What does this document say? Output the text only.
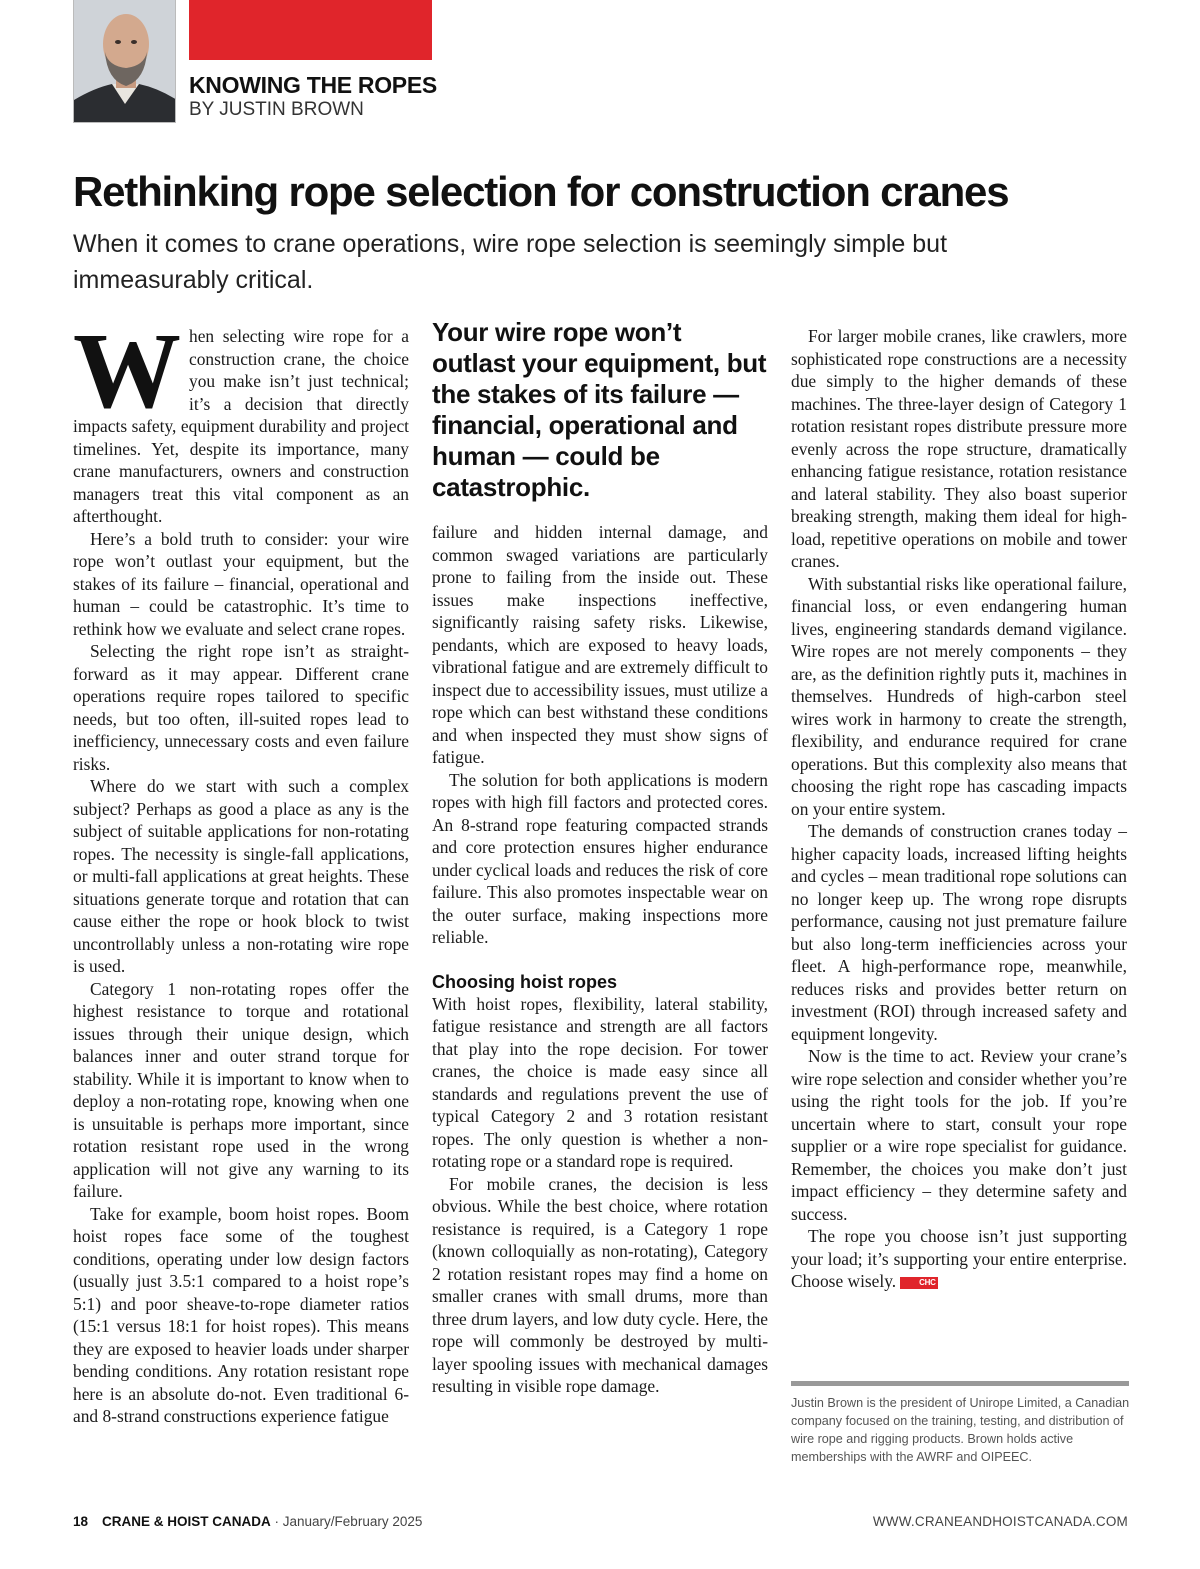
KNOWING THE ROPES
BY JUSTIN BROWN
Rethinking rope selection for construction cranes
When it comes to crane operations, wire rope selection is seemingly simple but immeasurably critical.

When selecting wire rope for a construction crane, the choice you make isn’t just technical; it’s a decision that directly impacts safety, equipment durability and project timelines. Yet, despite its importance, many crane manufacturers, owners and construction managers treat this vital component as an afterthought.

Here’s a bold truth to consider: your wire rope won’t outlast your equipment, but the stakes of its failure – financial, operational and human – could be catastrophic. It’s time to rethink how we evaluate and select crane ropes.

Selecting the right rope isn’t as straight-forward as it may appear. Different crane operations require ropes tailored to specific needs, but too often, ill-suited ropes lead to inefficiency, unnecessary costs and even failure risks.

Where do we start with such a complex subject? Perhaps as good a place as any is the subject of suitable applications for non-rotating ropes. The necessity is single-fall applications, or multi-fall applications at great heights. These situations generate torque and rotation that can cause either the rope or hook block to twist uncontrollably unless a non-rotating wire rope is used.

Category 1 non-rotating ropes offer the highest resistance to torque and rotational issues through their unique design, which balances inner and outer strand torque for stability. While it is important to know when to deploy a non-rotating rope, knowing when one is unsuitable is perhaps more important, since rotation resistant rope used in the wrong application will not give any warning to its failure.

Take for example, boom hoist ropes. Boom hoist ropes face some of the toughest conditions, operating under low design factors (usually just 3.5:1 compared to a hoist rope’s 5:1) and poor sheave-to-rope diameter ratios (15:1 versus 18:1 for hoist ropes). This means they are exposed to heavier loads under sharper bending conditions. Any rotation resistant rope here is an absolute do-not. Even traditional 6- and 8-strand constructions experience fatigue

Your wire rope won’t outlast your equipment, but the stakes of its failure — financial, operational and human — could be catastrophic.

failure and hidden internal damage, and common swaged variations are particularly prone to failing from the inside out. These issues make inspections ineffective, significantly raising safety risks. Likewise, pendants, which are exposed to heavy loads, vibrational fatigue and are extremely difficult to inspect due to accessibility issues, must utilize a rope which can best withstand these conditions and when inspected they must show signs of fatigue.

The solution for both applications is modern ropes with high fill factors and protected cores. An 8-strand rope featuring compacted strands and core protection ensures higher endurance under cyclical loads and reduces the risk of core failure. This also promotes inspectable wear on the outer surface, making inspections more reliable.

Choosing hoist ropes

With hoist ropes, flexibility, lateral stability, fatigue resistance and strength are all factors that play into the rope decision. For tower cranes, the choice is made easy since all standards and regulations prevent the use of typical Category 2 and 3 rotation resistant ropes. The only question is whether a non-rotating rope or a standard rope is required.

For mobile cranes, the decision is less obvious. While the best choice, where rotation resistance is required, is a Category 1 rope (known colloquially as non-rotating), Category 2 rotation resistant ropes may find a home on smaller cranes with small drums, more than three drum layers, and low duty cycle. Here, the rope will commonly be destroyed by multi-layer spooling issues with mechanical damages resulting in visible rope damage.

For larger mobile cranes, like crawlers, more sophisticated rope constructions are a necessity due simply to the higher demands of these machines. The three-layer design of Category 1 rotation resistant ropes distribute pressure more evenly across the rope structure, dramatically enhancing fatigue resistance, rotation resistance and lateral stability. They also boast superior breaking strength, making them ideal for high-load, repetitive operations on mobile and tower cranes.

With substantial risks like operational failure, financial loss, or even endangering human lives, engineering standards demand vigilance. Wire ropes are not merely components – they are, as the definition rightly puts it, machines in themselves. Hundreds of high-carbon steel wires work in harmony to create the strength, flexibility, and endurance required for crane operations. But this complexity also means that choosing the right rope has cascading impacts on your entire system.

The demands of construction cranes today – higher capacity loads, increased lifting heights and cycles – mean traditional rope solutions can no longer keep up. The wrong rope disrupts performance, causing not just premature failure but also long-term inefficiencies across your fleet. A high-performance rope, meanwhile, reduces risks and provides better return on investment (ROI) through increased safety and equipment longevity.

Now is the time to act. Review your crane’s wire rope selection and consider whether you’re using the right tools for the job. If you’re uncertain where to start, consult your rope supplier or a wire rope specialist for guidance. Remember, the choices you make don’t just impact efficiency – they determine safety and success.

The rope you choose isn’t just supporting your load; it’s supporting your entire enterprise. Choose wisely.	CHC

Justin Brown is the president of Unirope Limited, a Canadian company focused on the training, testing, and distribution of wire rope and rigging products. Brown holds active memberships with the AWRF and OIPEEC.
18 CRANE & HOIST CANADA · January/February 2025	WWW.CRANEANDHOISTCANADA.COM
